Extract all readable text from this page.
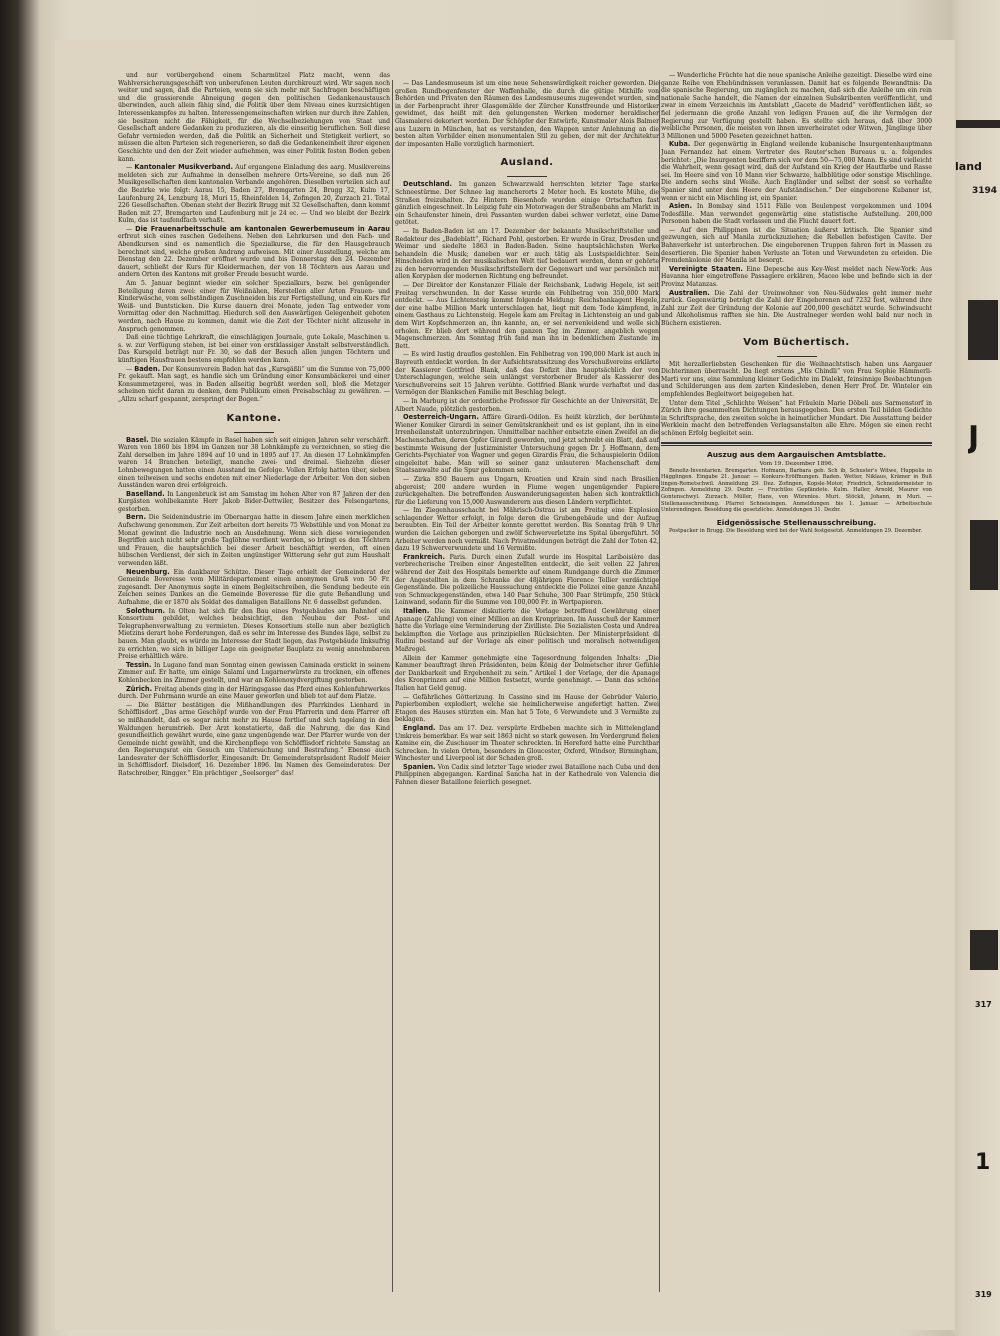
und nur vorübergehend einem Scharmützel Platz macht, wenn das Wahlversicherungsgeschäft von unberufenen Leuten durchkreuzt wird. Wir sagen noch weiter und sagen, daß die Parteien, wenn sie sich mehr mit Sachfragen beschäftigen und die grassierende Abneigung gegen den politischen Gedankenaustausch überwinden, auch allein fähig sind, die Politik über dem Niveau eines kurzsichtigen Interessenkampfes zu halten. Interessengemeinschaften wirken nur durch ihre Zahlen, sie besitzen nicht die Fähigkeit, für die Wechselbeziehungen von Staat und Gesellschaft andere Gedanken zu produzieren, als die einseitig beruflichen. Soll diese Gefahr vermieden werden, daß die Politik an Sicherheit und Stetigkeit verliert, so müssen die alten Parteien sich regenerieren, so daß die Gedankeneinheit ihrer eigenen Geschichte und den der Zeit wieder aufnehmen, was einer Politik festen Boden geben kann.

— Kantonaler Musikverband. Auf ergangene Einladung des aarg. Musikvereins meldeten sich zur Aufnahme in denselben mehrere Orts-Vereine, so daß nun 26 Musikgesellschaften dem kantonalen Verbande angehören. Dieselben verteilen sich auf die Bezirke wie folgt: Aarau 15, Baden 27, Bremgarten 24, Brugg 32, Kulm 17, Laufenburg 24, Lenzburg 18, Muri 15, Rheinfelden 14, Zofingen 20, Zurzach 21. Total 226 Gesellschaften. Obenan steht der Bezirk Brugg mit 32 Gesellschaften, dann kommt Baden mit 27, Bremgarten und Laufenburg mit je 24 ec. — Und wo bleibt der Bezirk Kulm, das ist taufendfach verhaßt.

— Die Frauenarbeitsschule am kantonalen Gewerbemuseum in Aarau erfreut sich eines raschen Gedeihens. Neben den Lehrkursen und den Fach- und Abendkursen sind es namentlich die Spezialkurse, die für den Hausgebrauch berechnet sind, welche großen Andrang aufweisen. Mit einer Ausstellung, welche am Dienstag den 22. Dezember eröffnet wurde und bis Donnerstag den 24. Dezember dauert, schließt der Kurs für Kleidermachen, der von 18 Töchtern aus Aarau und andern Orten des Kantons mit großer Freude besucht wurde.

Am 5. Januar beginnt wieder ein solcher Spezialkurs, bezw. bei genügender Beteiligung deren zwei: einer für Weißnähen, Herstellen aller Arten Frauen- und Kinderwäsche, vom selbständigen Zuschneiden bis zur Fertigstellung, und ein Kurs für Weiß- und Buntsticken. Die Kurse dauern drei Monate, jeden Tag entweder vom Vormittag oder den Nachmittag. Hiedurch soll den Auswärtigen Gelegenheit geboten werden, nach Hause zu kommen, damit wie die Zeit der Töchter nicht allzusehr in Anspruch genommen.

Daß eine tüchtige Lehrkraft, die einschlägigen Journale, gute Lokale, Maschinen u. s. w. zur Verfügung stehen, ist bei einer von erstklassiger Anstalt selbstverständlich. Das Kursgeld beträgt nur Fr. 30, so daß der Besuch allen jungen Töchtern und künftigen Hausfrauen bestens empfohlen werden kann.

— Baden. Der Konsumverein Baden hat das „Kursgäßli“ um die Summe von 75,000 Fr. gekauft. Man sagt, es handle sich um Gründung einer Konsumbäckerei und einer Konsummetzgerei, was in Baden allseitig begrüßt werden soll, bloß die Metzger scheinen nicht daran zu denken, dem Publikum einen Preisabschlag zu gewähren. — „Allzu scharf gespannt, zerspringt der Bogen.“

Kantone.

Basel. Die sozialen Kämpfe in Basel haben sich seit einigen Jahren sehr verschärft. Waren von 1860 bis 1894 im Ganzen nur 38 Lohnkämpfe zu verzeichnen, so stieg die Zahl derselben im Jahre 1894 auf 10 und in 1895 auf 17. An diesen 17 Lohnkämpfen waren 14 Branchen beteiligt, manche zwei- und dreimal. Siebzehn dieser Lohnbewegungen hatten einen Ausstand im Gefolge. Vollen Erfolg hatten über, sieben einen teilweisen und sechs endeten mit einer Niederlage der Arbeiter. Von den sieben Ausständen waren drei erfolgreich.

Baselland. In Langenbruck ist am Samstag im hohen Alter von 87 Jahren der den Kurgästen wohlbekannte Herr Jakob Bider-Dettwiler, Besitzer des Felsengartens, gestorben.

Bern. Die Seidenindustrie im Oberaargau hatte in diesem Jahre einen merklichen Aufschwung genommen. Zur Zeit arbeiten dort bereits 75 Webstühle und von Monat zu Monat gewinnt die Industrie noch an Ausdehnung. Wenn sich diese vorwiegenden Begriffen auch nicht sehr große Taglöhne verdient werden, so bringt es den Töchtern und Frauen, die hauptsächlich bei dieser Arbeit beschäftigt werden, oft einen hübschen Verdienst, der sich in Zeiten ungünstiger Witterung sehr gut zum Haushalt verwenden läßt.

Neuenburg. Ein dankbarer Schütze. Dieser Tage erhielt der Gemeinderat der Gemeinde Boveresse vom Militärdepartement einen anonymen Gruß von 50 Fr. zugesandt. Der Anonymus sagte in einem Begleitschreiben, die Sendung bedeute ein Zeichen seines Dankes an die Gemeinde Boveresse für die gute Behandlung und Aufnahme, die er 1870 als Soldat des damaligen Bataillons Nr. 6 dasselbst gefunden.

Solothurn. In Olten hat sich für den Bau eines Postgebäudes am Bahnhof ein Konsortium gebildet, welches beabsichtigt, den Neubau der Post- und Telegraphenverwaltung zu vermieten. Dieses Konsortium stelle nun aber bezüglich Mietzins derart hohe Forderungen, daß es sehr im Interesse des Bundes läge, selbst zu bauen. Man glaubt, es würde im Interesse der Stadt liegen, das Postgebäude linksufrig zu errichten, wo sich in billiger Lage ein geeigneter Bauplatz zu wenig annehmbaren Preise erhältlich wäre.

Tessin. In Lugano fand man Sonntag einen gewissen Caminada erstickt in seinem Zimmer auf. Er hatte, um einige Salami und Lugarnerwürste zu trocknen, ein offenes Kohlenbecken ins Zimmer gestellt, und war an Kohlenoxydvergiftung gestorben.

Zürich. Freitag abends ging in der Häringsgasse das Pferd eines Kohlenfuhrwerkes durch. Der Fuhrmann wurde an eine Mauer geworfen und blieb tot auf dem Platze.

— Die Blätter bestätigen die Mißhandlungen des Pfarrkindes Lienhard in Schöfflisdorf. „Das arme Geschöpf wurde von der Frau Pfarrerin und dem Pfarrer oft so mißhandelt, daß es sogar nicht mehr zu Hause fortlief und sich tagelang in den Waldungen herumtrieb. Der Arzt konstatierte, daß die Nahrung, die das Kind gesundheitlich gewährt wurde, eine ganz ungenügende war. Der Pfarrer wurde von der Gemeinde nicht gewählt, und die Kirchenpflege von Schöfflisdorf richtete Samstag an den Regierungsrat ein Gesuch um Untersuchung und Bestrafung.“ Ebenso auch Landesvater der Schöfflisdorfer, Eingesandt: Dr. Gemeinderatspräsident Rudolf Meier in Schöfflisdorf. Dielsdorf, 16. Dezember 1896. Im Namen des Gemeinderates: Der Ratschreiber, Ringger.“ Ein prächtiger „Seelsorger“ das!

— Das Landesmuseum ist um eine neue Sehenswürdigkeit reicher geworden. Die großen Rundbogenfenster der Waffenhalle, die durch die gütige Mithilfe von Behörden und Privaten den Räumen des Landesmuseums zugewendet wurden, sind in der Farbenpracht ihrer Glasgemälde der Zürcher Kunstfreunde und Historiker gewidmet, das heißt mit den gelungensten Werken moderner heraldischer Glasmalerei dekoriert worden. Der Schöpfer der Entwürfe, Kunstmaler Alois Balmer aus Luzern in München, hat es verstanden, den Wappen unter Anlehnung an die besten alten Vorbilder einen monumentalen Stil zu geben, der mit der Architektur der imposanten Halle vorzüglich harmoniert.

Ausland.

Deutschland. Im ganzen Schwarzwald herrschten letzter Tage starke Schneestürme. Der Schnee lag mancherorts 2 Meter hoch. Es kostete Mühe, die Straßen freizuhalten. Zu Hintern Biesenhofe wurden einige Ortschaften fast gänzlich eingeschneit. In Leipzig fuhr ein Motorwagen der Straßenbahn am Markt in ein Schaufenster hinein, drei Passanten wurden dabei schwer verletzt, eine Dame getötet.

— In Baden-Baden ist am 17. Dezember der bekannte Musikschriftsteller und Redakteur des „Badeblatt“, Richard Pohl, gestorben. Er wurde in Graz, Dresden und Weimar und siedelte 1863 in Baden-Baden. Seine hauptsächlichsten Werke behandeln die Musik; daneben war er auch tätig als Lustspieldichter. Sein Hinscheiden wird in der musikalischen Welt tief bedauert werden, denn er gehörte zu den hervorragenden Musikschriftstellern der Gegenwart und war persönlich mit allen Korypäen der modernen Richtung eng befreundet.

— Der Direktor der Konstanzer Filiale der Reichsbank, Ludwig Hegele, ist seit Freitag verschwunden. In der Kasse wurde ein Fehlbetrag von 350,000 Mark entdeckt. — Aus Lichtensteig kommt folgende Meldung: Reichsbankagent Hegele, der eine halbe Million Mark unterschlagen hat, liegt mit dem Tode kämpfend, in einem Gasthaus zu Lichtensteig. Hegele kam am Freitag in Lichtensteig an und gab dem Wirt Kopfschmerzen an, ihn kannte, an, er sei nervenleidend und wolle sich erholen. Er blieb dort während den ganzen Tag im Zimmer, angeblich wegen Magenschmerzen. Am Sonntag früh fand man ihn in bedenklichem Zustande im Bett.

— Es wird lustig drauflos gestohlen. Ein Fehlbetrag von 190,000 Mark ist auch in Bayreuth entdeckt worden. In der Aufsichtsratssitzung des Vorschußvereins erklärte der Kassierer Gottfried Blank, daß das Defizit ihm hauptsächlich der von Unterschlagungen, welche sein unlängst verstorbener Bruder als Kassierer des Vorschußvereins seit 15 Jahren verübte. Gottfried Blank wurde verhaftet und das Vermögen der Blankschen Familie mit Beschlag belegt.

— In Marburg ist der ordentliche Professor für Geschichte an der Universität, Dr. Albert Naude, plötzlich gestorben.

Oesterreich-Ungarn. Affäre Girardi-Odilon. Es heißt kürzlich, der berühmte Wiener Komiker Girardi in seiner Gemütskrankheit und es ist geplant, ihn in eine Irrenheilanstalt unterzubringen. Unmittelbar nachher entsetzte einen Zweifel an die Machenschaften, deren Opfer Girardi geworden, und jetzt schreibt ein Blatt, daß auf bestimmte Weisung der Justizminister Untersuchung gegen Dr. J. Hoffmann, dem Gerichts-Psychiater von Wagner und gegen Girardis Frau, die Schauspielerin Odilon eingeleitet habe. Man will so seiner ganz unlauteren Machenschaft dem Staatsanwalte auf die Spur gekommen sein.

— Zirka 850 Bauern aus Ungarn, Kroatien und Krain sind nach Brasilien abgereist; 200 andere wurden in Fiume wegen ungenügender Papiere zurückgehalten. Die betreffenden Auswanderungsagenten haben sich kontraktlich für die Lieferung von 15,000 Auswanderern aus diesen Ländern verpflichtet.

— Im Ziegenhausschacht bei Mährisch-Ostrau ist am Freitag eine Explosion schlagender Wetter erfolgt, in folge deren die Grubengebäude und der Aufzug beraubten. Ein Teil der Arbeiter konnte gerettet werden. Bis Sonntag früh 9 Uhr wurden die Leichen geborgen und zwölf Schwerverletzte ins Spital übergeführt. 50 Arbeiter werden noch vermißt. Nach Privatmeldungen beträgt die Zahl der Toten 42, dazu 19 Schwerverwundete und 16 Vermißte.

Frankreich. Paris. Durch einen Zufall wurde im Hospital Lariboisière das verbrecherische Treiben einer Angestellten entdeckt, die seit vollen 22 Jahren während der Zeit des Hospitals bemerkte auf einem Rundgange durch die Zimmer der Angestellten in dem Schranke der 48jährigen Florence Tellier verdächtige Gegenstände. Die polizeiliche Haussuchung entdeckte die Polizei eine ganze Anzahl von Schmuckgegenständen, etwa 140 Paar Schuhe, 300 Paar Strümpfe, 250 Stück Leinwand, sodann für die Summe von 100,000 Fr. in Wertpapieren.

Italien. Die Kammer diskutierte die Vorlage betreffend Gewährung einer Apanage (Zahlung) von einer Million an den Kronprinzen. Im Ausschuß der Kammer hatte die Vorlage eine Verminderung der Zivilliste. Die Sozialisten Costa und Andrea bekämpften die Vorlage aus prinzipiellen Rücksichten. Der Ministerpräsident di Rudini bestand auf der Vorlage als einer politisch und moralisch notwendigen Maßregel.

Allein der Kammer genehmigte eine Tagesordnung folgenden Inhalts: „Die Kammer beauftragt ihren Präsidenten, beim König der Dolmetscher ihrer Gefühle der Dankbarkeit und Ergebenheit zu sein.“ Artikel 1 der Vorlage, der die Apanage des Kronprinzen auf eine Million festsetzt, wurde genehmigt. — Dann das schöne Italien hat Geld genug.

— Gefährliches Götterizung. In Cassino sind im Hause der Gebrüder Valerio, Papierbomben explodiert, welche sie heimlicherweise angefertigt hatten. Zwei Etagen des Hauses stürzten ein. Man hat 5 Tote, 6 Verwundete und 3 Vermißte zu beklagen.

England. Das am 17. Dez. verspürte Erdbeben machte sich in Mittelengland Umkreis bemerkbar. Es war seit 1863 nicht so stark gewesen. Im Vordergrund fielen Kamine ein, die Zuschauer im Theater schreckten. In Hereford hatte eine Furchtbar Schrecken. In vielen Orten, besonders in Gloucester, Oxford, Windsor, Birmingham, Winchester und Liverpool ist der Schaden groß.

Spanien. Von Cadix sind letzter Tage wieder zwei Bataillone nach Cuba und den Philippinen abgegangen. Kardinal Sancha hat in der Kathedrale von Valencia die Fahnen dieser Bataillone feierlich gesegnet.

— Wunderliche Früchte hat die neue spanische Anleihe gezeitigt. Dieselbe wird eine ganze Reihe von Ehebündnissen veranlassen. Damit hat es folgende Bewandtnis: Da die spanische Regierung, um zugänglich zu machen, daß sich die Anleihe um ein rein nationale Sache handelt, die Namen der einzelnen Subskribenten veröffentlicht, und zwar in einem Verzeichnis im Amtsblatt „Gacete de Madrid“ veröffentlichen läßt, so fiel jedermann die große Anzahl von ledigen Frauen auf, die ihr Vermögen der Regierung zur Verfügung gestellt haben. Es stellte sich heraus, daß über 3000 weibliche Personen, die meisten von ihnen unverheiratet oder Witwen, Jünglinge über 3 Millionen und 5000 Peseten gezeichnet hatten.

Kuba. Der gegenwärtig in England weilende kubanische Insurgentenhauptmann Juan Fernandez hat einem Vertreter des Reuter'schen Bureaus u. a. folgendes berichtet: „Die Insurgenten beziffern sich vor dem 50—75,000 Mann. Es sind vielleicht die Wahrheit, wenn gesagt wird, daß der Aufstand ein Krieg der Hautfarbe und Rasse sei. Im Heere sind von 10 Mann vier Schwarze, halbblütige oder sonstige Mischlinge. Die andern sechs sind Weiße. Auch Engländer und selbst der sonst so verhaßte Spanier sind unter dem Heere der Aufständischen.“ Der eingeborene Kubaner ist, wenn er nicht ein Mischling ist, ein Spanier.

Asien. In Bombay sind 1511 Fälle von Beulenpest vorgekommen und 1094 Todesfälle. Man verwendet gegenwärtig eine statistische Aufstellung. 200,000 Personen haben die Stadt verlassen und die Flucht dauert fort.

— Auf den Philippinen ist die Situation äußerst kritisch. Die Spanier sind gezwungen, sich auf Manila zurückzuziehen; die Rebellen befestigen Cavite. Der Bahnverkehr ist unterbrochen. Die eingeborenen Truppen fahren fort in Massen zu desertieren. Die Spanier haben Verluste an Toten und Verwundeten zu erleiden. Die Fremdenkolonie der Manila ist besorgt.

Vereinigte Staaten. Eine Depesche aus Key-West meldet nach New-York: Aus Havanna hier eingetroffene Passagiere erklären, Maceo lebe und befinde sich in der Provinz Matanzas.

Australien. Die Zahl der Ureinwohner von Neu-Südwales geht immer mehr zurück. Gegenwärtig beträgt die Zahl der Eingeborenen auf 7232 fest, während ihre Zahl zur Zeit der Gründung der Kolonie auf 200,000 geschätzt wurde. Schwindsucht und Alkoholismus rafften sie hin. Die Australneger werden wohl bald nur noch in Büchern existieren.

Vom Büchertisch.

Mit herzallerliebsten Geschenken für die Weihnachtstisch haben uns Aargauer Dichterinnen überrascht. Da liegt erstens „Mis Chindli“ von Frau Sophie Hämmerli-Marti vor uns, eine Sammlung kleiner Gedichte im Dialekt, feinsinnige Beobachtungen und Schilderungen aus dem zarten Kindesleben, denen Herr Prof. Dr. Winteler ein empfehlendes Begleitwort beigegeben hat.

Unter dem Titel „Schlichte Weisen“ hat Fräulein Marie Döbeli aus Sarmenstorf in Zürich ihre gesammelten Dichtungen herausgegeben. Den ersten Teil bilden Gedichte in Schriftsprache, den zweiten solche in heimatlicher Mundart. Die Ausstattung beider Werklein macht den betreffenden Verlagsanstalten alle Ehre. Mögen sie einen recht schönen Erfolg begleitet sein.

Auszug aus dem Aargauischen Amtsblatte.
Vom 19. Dezember 1896.

Benefiz-Inventarien. Bremgarten. Hofmann, Barbara geb. Sch ib, Schuster's Witwe, Huppelis in Hägglingen. Eingabe 21. Januar. — Konkurs-Eröffnungen. Baden. Wetter, Niklaus, Krämer in Buß lingen-Remetschwil. Anmeldung 29. Dez. Zofingen, Kopsle-Motor, Friedrich, Schneidermeister in Zofingen. Anmeldung 29. Dezbr. — Fruchtlos Gepfändete. Kulm. Haller, Arnold, Maurer von Gontenschwyl. Zurzach. Müller, Hans, von Würenlos. Muri. Stöckli, Johann, in Muri. — Stellenausschreibung. Pfarrei Schneisingen. Anmeldungen bis 1. Januar. — Arbeitsschule Unterendingen. Besoldung die gesetzliche. Anmeldungen 31. Dezbr.

Eidgenössische Stellenausschreibung.

Postpacker in Brugg. Die Besoldung wird bei der Wahl festgesetzt. Anmeldungen 29. Dezember.

land
3194
J
317
1
319
